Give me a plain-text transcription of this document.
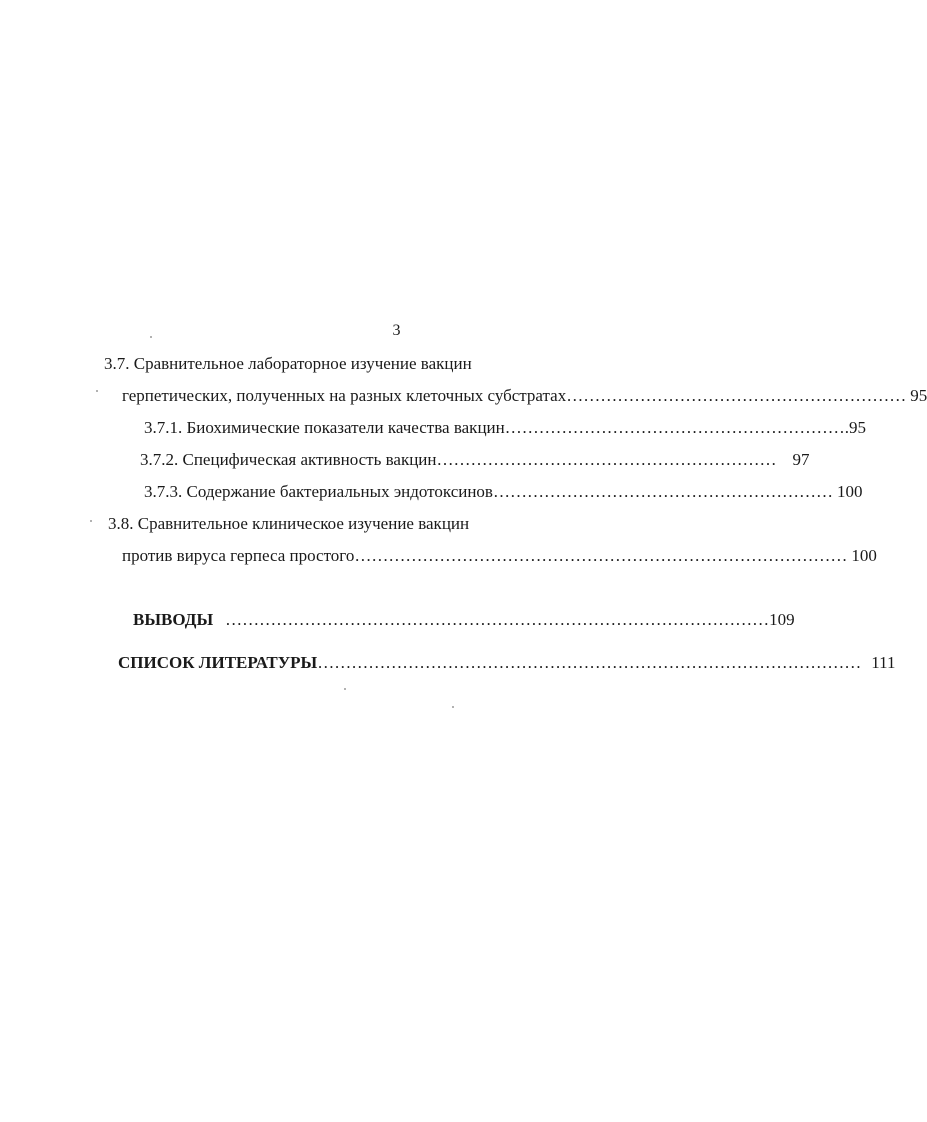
3
3.7. Сравнительное лабораторное изучение вакцин
герпетических, полученных на разных клеточных субстратах …………………………………………………… 95
3.7.1. Биохимические показатели качества вакцин …………………………………………………… .95
3.7.2. Специфическая активность вакцин …………………………………………………… 97
3.7.3. Содержание бактериальных эндотоксинов …………………………………………………… 100
3.8. Сравнительное клиническое изучение вакцин
против вируса герпеса простого …………………………………………………………………………… 100
ВЫВОДЫ …………………………………………………………………………………… 109
СПИСОК ЛИТЕРАТУРЫ …………………………………………………………………………………… 111
